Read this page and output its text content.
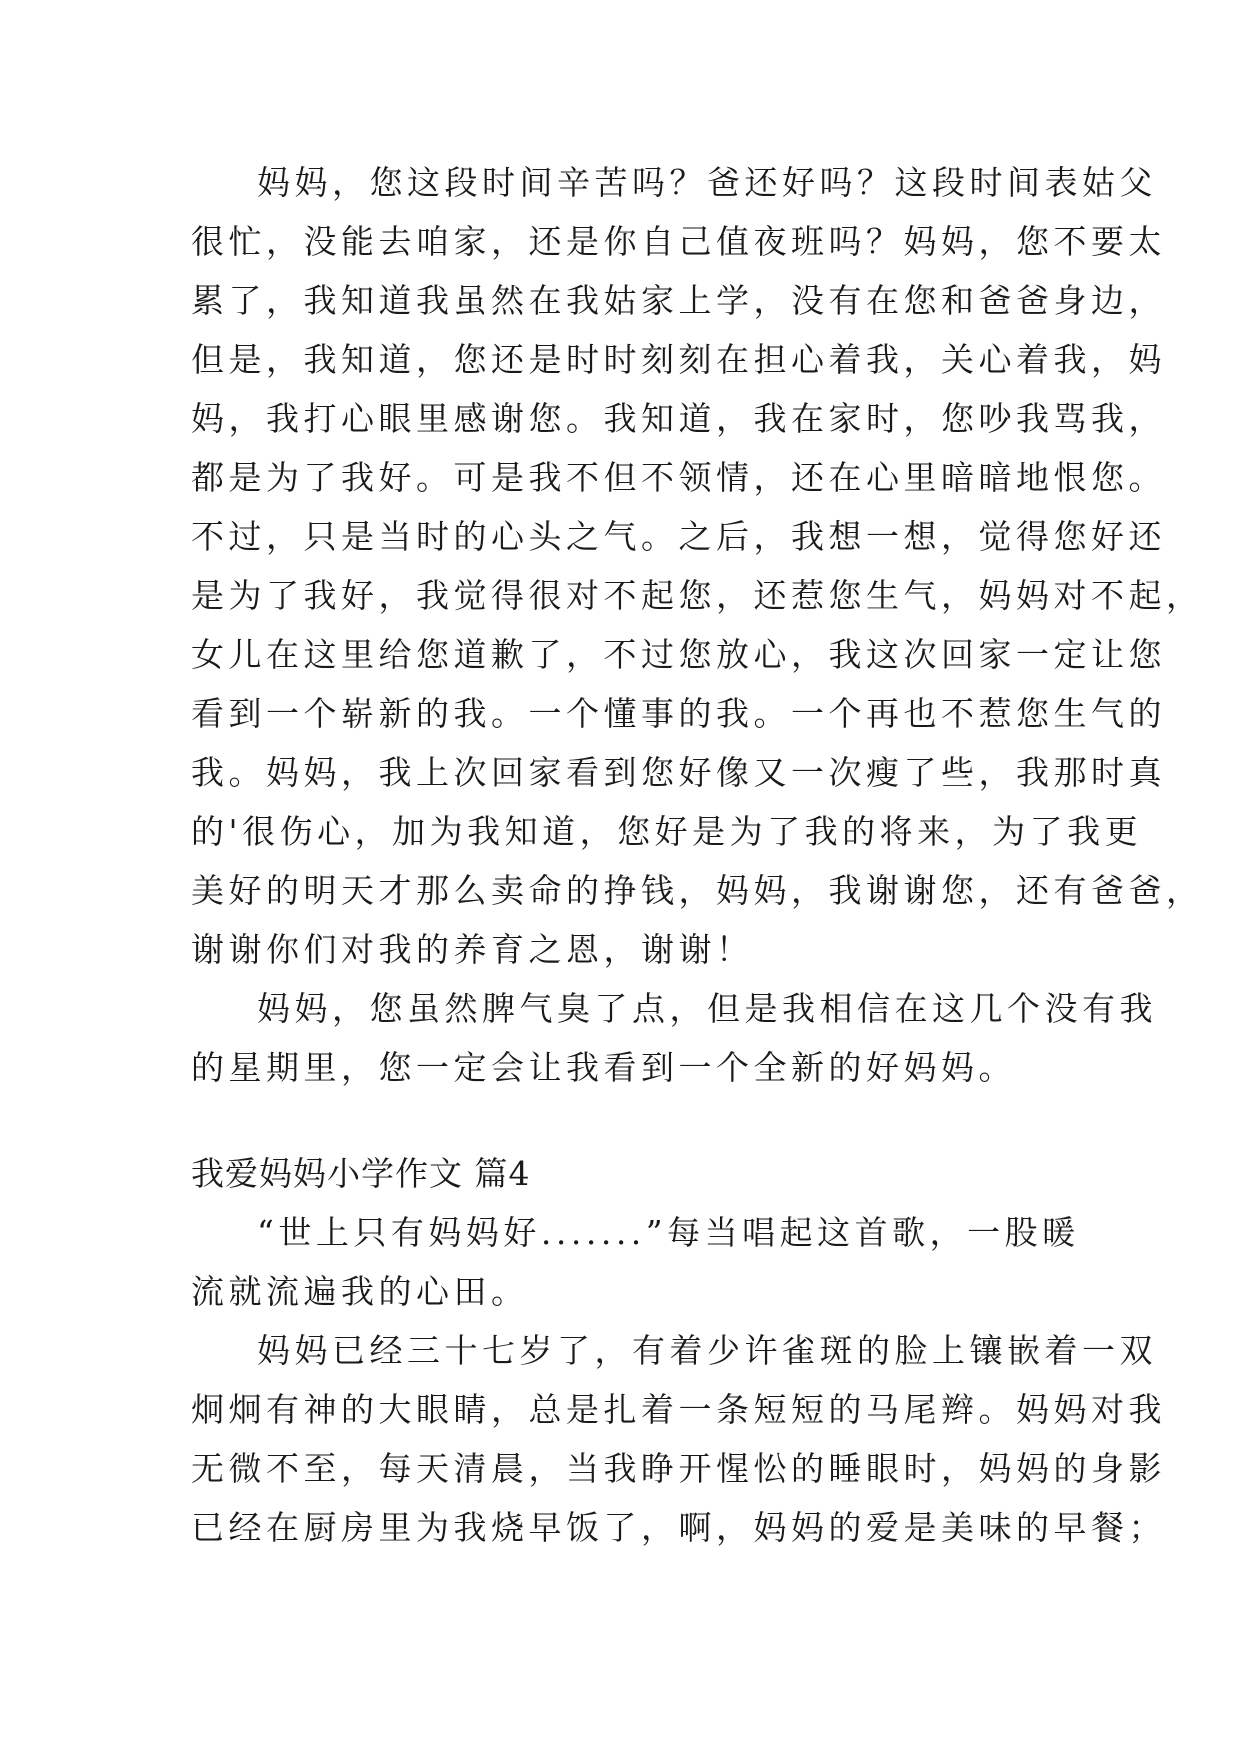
妈妈，您这段时间辛苦吗？爸还好吗？这段时间表姑父
很忙，没能去咱家，还是你自己值夜班吗？妈妈，您不要太
累了，我知道我虽然在我姑家上学，没有在您和爸爸身边，
但是，我知道，您还是时时刻刻在担心着我，关心着我，妈
妈，我打心眼里感谢您。我知道，我在家时，您吵我骂我，
都是为了我好。可是我不但不领情，还在心里暗暗地恨您。
不过，只是当时的心头之气。之后，我想一想，觉得您好还
是为了我好，我觉得很对不起您，还惹您生气，妈妈对不起，
女儿在这里给您道歉了，不过您放心，我这次回家一定让您
看到一个崭新的我。一个懂事的我。一个再也不惹您生气的
我。妈妈，我上次回家看到您好像又一次瘦了些，我那时真
的'很伤心，加为我知道，您好是为了我的将来，为了我更
美好的明天才那么卖命的挣钱，妈妈，我谢谢您，还有爸爸，
谢谢你们对我的养育之恩，谢谢！
妈妈，您虽然脾气臭了点，但是我相信在这几个没有我
的星期里，您一定会让我看到一个全新的好妈妈。
我爱妈妈小学作文 篇4
“世上只有妈妈好.......”每当唱起这首歌，一股暖
流就流遍我的心田。
妈妈已经三十七岁了，有着少许雀斑的脸上镶嵌着一双
炯炯有神的大眼睛，总是扎着一条短短的马尾辫。妈妈对我
无微不至，每天清晨，当我睁开惺忪的睡眼时，妈妈的身影
已经在厨房里为我烧早饭了，啊，妈妈的爱是美味的早餐；
